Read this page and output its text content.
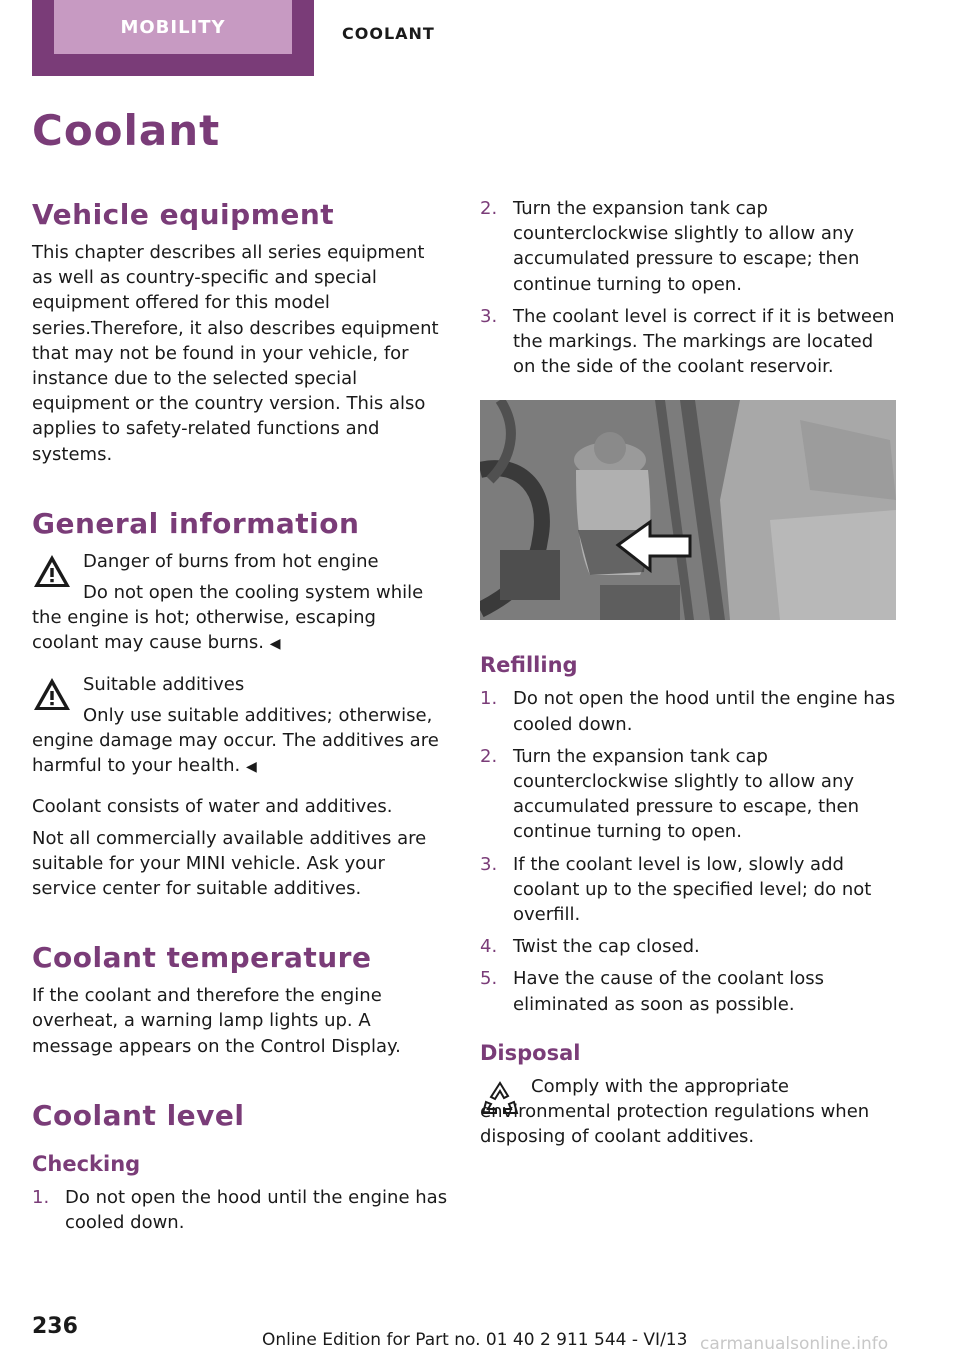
MOBILITY	COOLANT
Coolant
Vehicle equipment

This chapter describes all series equipment as well as country-specific and special equipment offered for this model series.Therefore, it also describes equipment that may not be found in your vehicle, for instance due to the selected special equipment or the country version. This also applies to safety-related functions and systems.

General information

Danger of burns from hot engine

Do not open the cooling system while the engine is hot; otherwise, escaping coolant may cause burns. ◀

Suitable additives

Only use suitable additives; otherwise, engine damage may occur. The additives are harmful to your health. ◀

Coolant consists of water and additives.

Not all commercially available additives are suitable for your MINI vehicle. Ask your service center for suitable additives.

Coolant temperature

If the coolant and therefore the engine overheat, a warning lamp lights up. A message appears on the Control Display.

Coolant level
Checking
1. Do not open the hood until the engine has cooled down.
2. Turn the expansion tank cap counterclockwise slightly to allow any accumulated pressure to escape; then continue turning to open.
3. The coolant level is correct if it is between the markings. The markings are located on the side of the coolant reservoir.
Refilling
1. Do not open the hood until the engine has cooled down.
2. Turn the expansion tank cap counterclockwise slightly to allow any accumulated pressure to escape, then continue turning to open.
3. If the coolant level is low, slowly add coolant up to the specified level; do not overfill.
4. Twist the cap closed.
5. Have the cause of the coolant loss eliminated as soon as possible.
Disposal

Comply with the appropriate environmental protection regulations when disposing of coolant additives.

236
Online Edition for Part no. 01 40 2 911 544 - VI/13 carmanualsonline.info
